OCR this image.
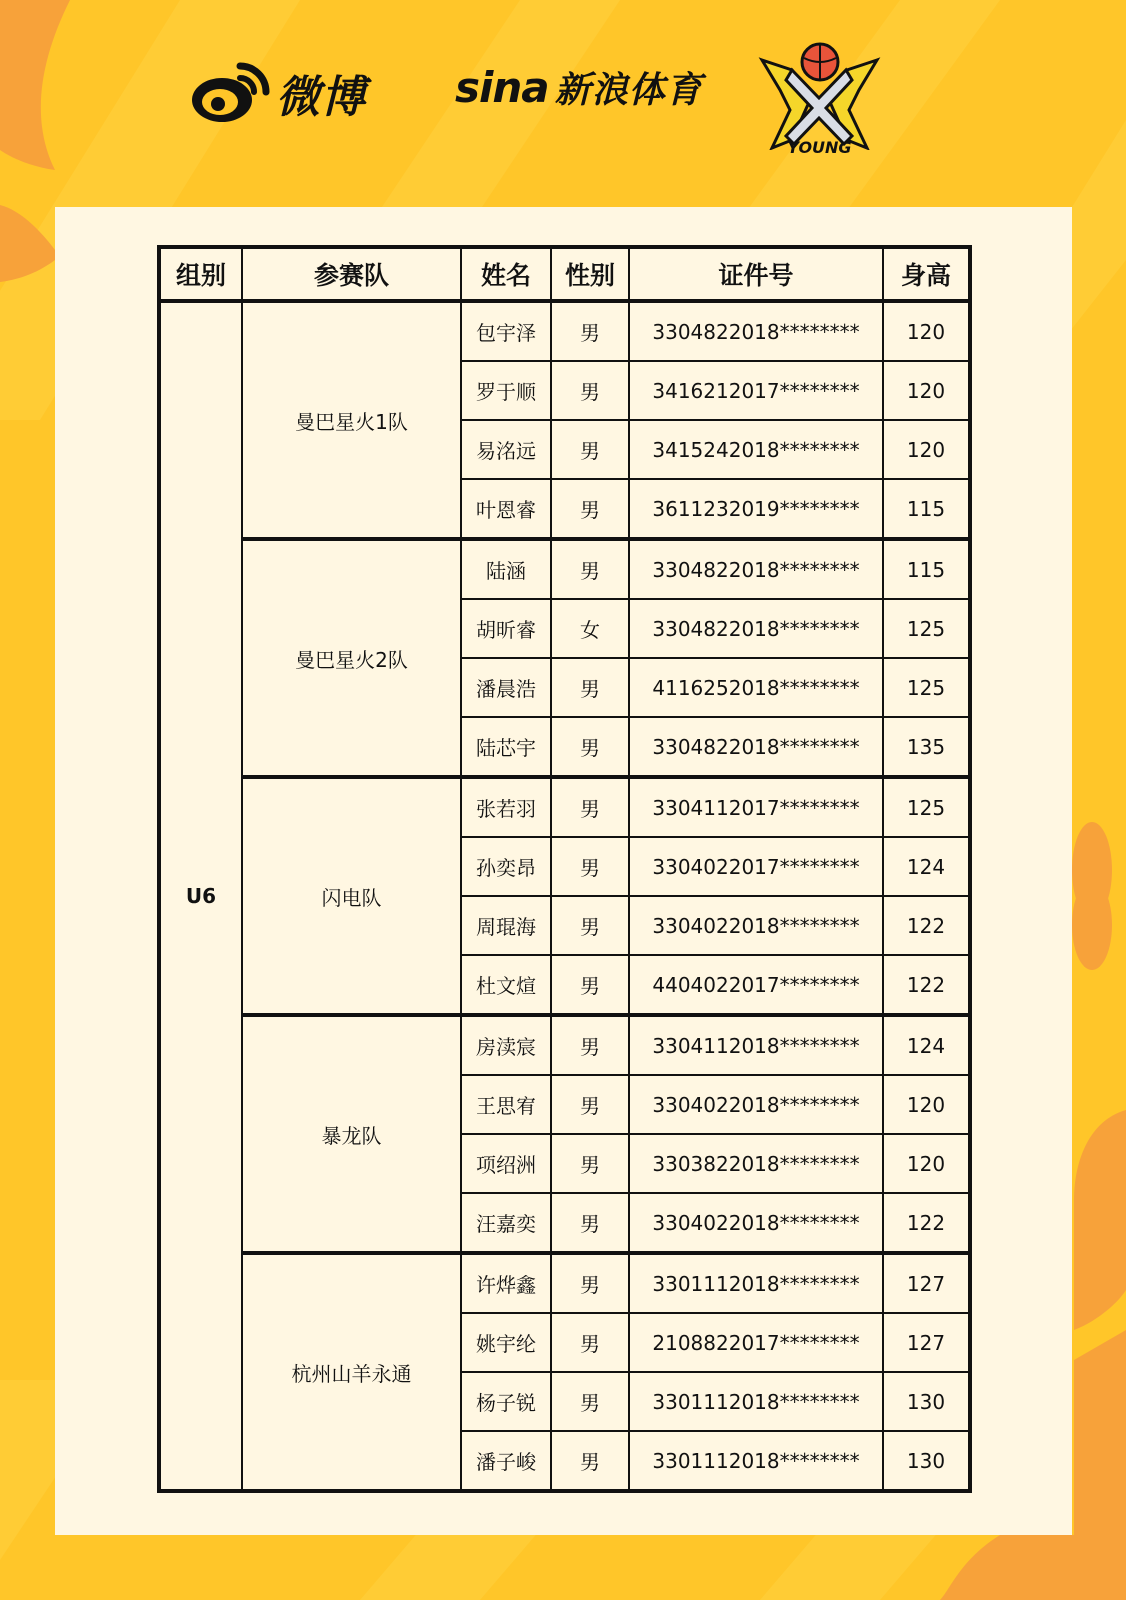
微博 sina 新浪体育
YOUNG
组别	参赛队	姓名	性别	证件号	身高
U6	曼巴星火1队	包宇泽	男	3304822018********	120
		罗于顺	男	3416212017********	120
		易洺远	男	3415242018********	120
		叶恩睿	男	3611232019********	115
	曼巴星火2队	陆涵	男	3304822018********	115
		胡昕睿	女	3304822018********	125
		潘晨浩	男	4116252018********	125
		陆芯宇	男	3304822018********	135
	闪电队	张若羽	男	3304112017********	125
		孙奕昂	男	3304022017********	124
		周琨海	男	3304022018********	122
		杜文煊	男	4404022017********	122
	暴龙队	房渎宸	男	3304112018********	124
		王思宥	男	3304022018********	120
		项绍洲	男	3303822018********	120
		汪嘉奕	男	3304022018********	122
	杭州山羊永通	许烨鑫	男	3301112018********	127
		姚宇纶	男	2108822017********	127
		杨子锐	男	3301112018********	130
		潘子峻	男	3301112018********	130
